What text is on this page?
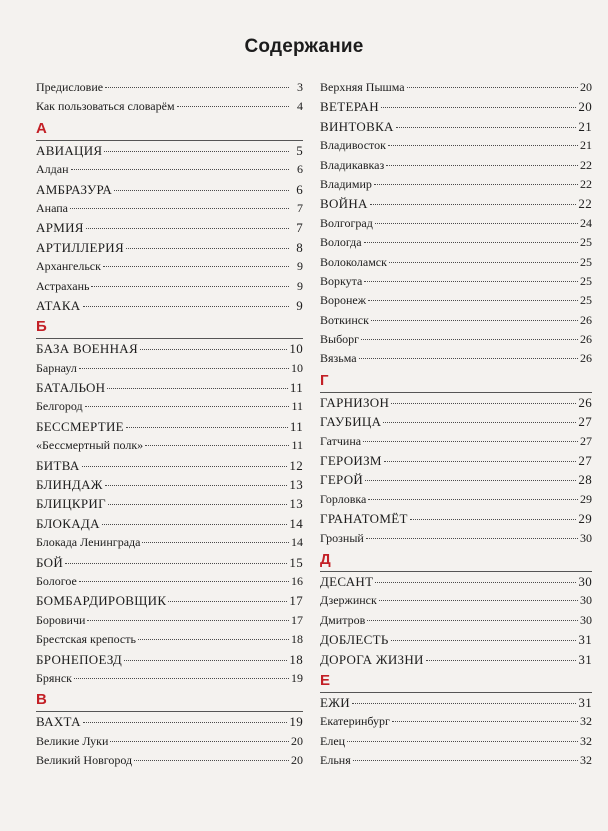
Содержание
Предисловие	3
Как пользоваться словарём	4
А
АВИАЦИЯ	5
Алдан	6
АМБРАЗУРА	6
Анапа	7
АРМИЯ	7
АРТИЛЛЕРИЯ	8
Архангельск	9
Астрахань	9
АТАКА	9
Б
БАЗА ВОЕННАЯ	10
Барнаул	10
БАТАЛЬОН	11
Белгород	11
БЕССМЕРТИЕ	11
«Бессмертный полк»	11
БИТВА	12
БЛИНДАЖ	13
БЛИЦКРИГ	13
БЛОКАДА	14
Блокада Ленинграда	14
БОЙ	15
Бологое	16
БОМБАРДИРОВЩИК	17
Боровичи	17
Брестская крепость	18
БРОНЕПОЕЗД	18
Брянск	19
В
ВАХТА	19
Великие Луки	20
Великий Новгород	20
Верхняя Пышма	20
ВЕТЕРАН	20
ВИНТОВКА	21
Владивосток	21
Владикавказ	22
Владимир	22
ВОЙНА	22
Волгоград	24
Вологда	25
Волоколамск	25
Воркута	25
Воронеж	25
Воткинск	26
Выборг	26
Вязьма	26
Г
ГАРНИЗОН	26
ГАУБИЦА	27
Гатчина	27
ГЕРОИЗМ	27
ГЕРОЙ	28
Горловка	29
ГРАНАТОМЁТ	29
Грозный	30
Д
ДЕСАНТ	30
Дзержинск	30
Дмитров	30
ДОБЛЕСТЬ	31
ДОРОГА ЖИЗНИ	31
Е
ЕЖИ	31
Екатеринбург	32
Елец	32
Ельня	32
